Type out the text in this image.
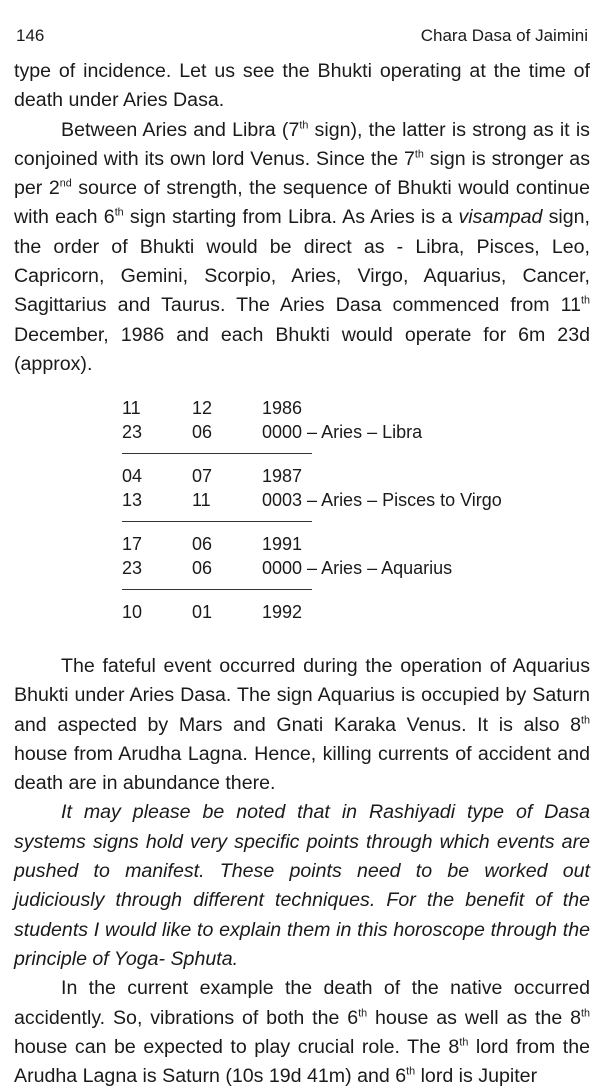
146	Chara Dasa of Jaimini

type of incidence. Let us see the Bhukti operating at the time of death under Aries Dasa.

Between Aries and Libra (7th sign), the latter is strong as it is conjoined with its own lord Venus. Since the 7th sign is stronger as per 2nd source of strength, the sequence of Bhukti would continue with each 6th sign starting from Libra. As Aries is a visampad sign, the order of Bhukti would be direct as - Libra, Pisces, Leo, Capricorn, Gemini, Scorpio, Aries, Virgo, Aquarius, Cancer, Sagittarius and Taurus. The Aries Dasa commenced from 11th December, 1986 and each Bhukti would operate for 6m 23d (approx).

11	12	1986
23	06	0000 – Aries – Libra
04	07	1987
13	11	0003 – Aries – Pisces to Virgo
17	06	1991
23	06	0000 – Aries – Aquarius
10	01	1992

The fateful event occurred during the operation of Aquarius Bhukti under Aries Dasa. The sign Aquarius is occupied by Saturn and aspected by Mars and Gnati Karaka Venus. It is also 8th house from Arudha Lagna. Hence, killing currents of accident and death are in abundance there.

It may please be noted that in Rashiyadi type of Dasa systems signs hold very specific points through which events are pushed to manifest. These points need to be worked out judiciously through different techniques. For the benefit of the students I would like to explain them in this horoscope through the principle of Yoga- Sphuta.

In the current example the death of the native occurred accidently. So, vibrations of both the 6th house as well as the 8th house can be expected to play crucial role. The 8th lord from the Arudha Lagna is Saturn (10s 19d 41m) and 6th lord is Jupiter
